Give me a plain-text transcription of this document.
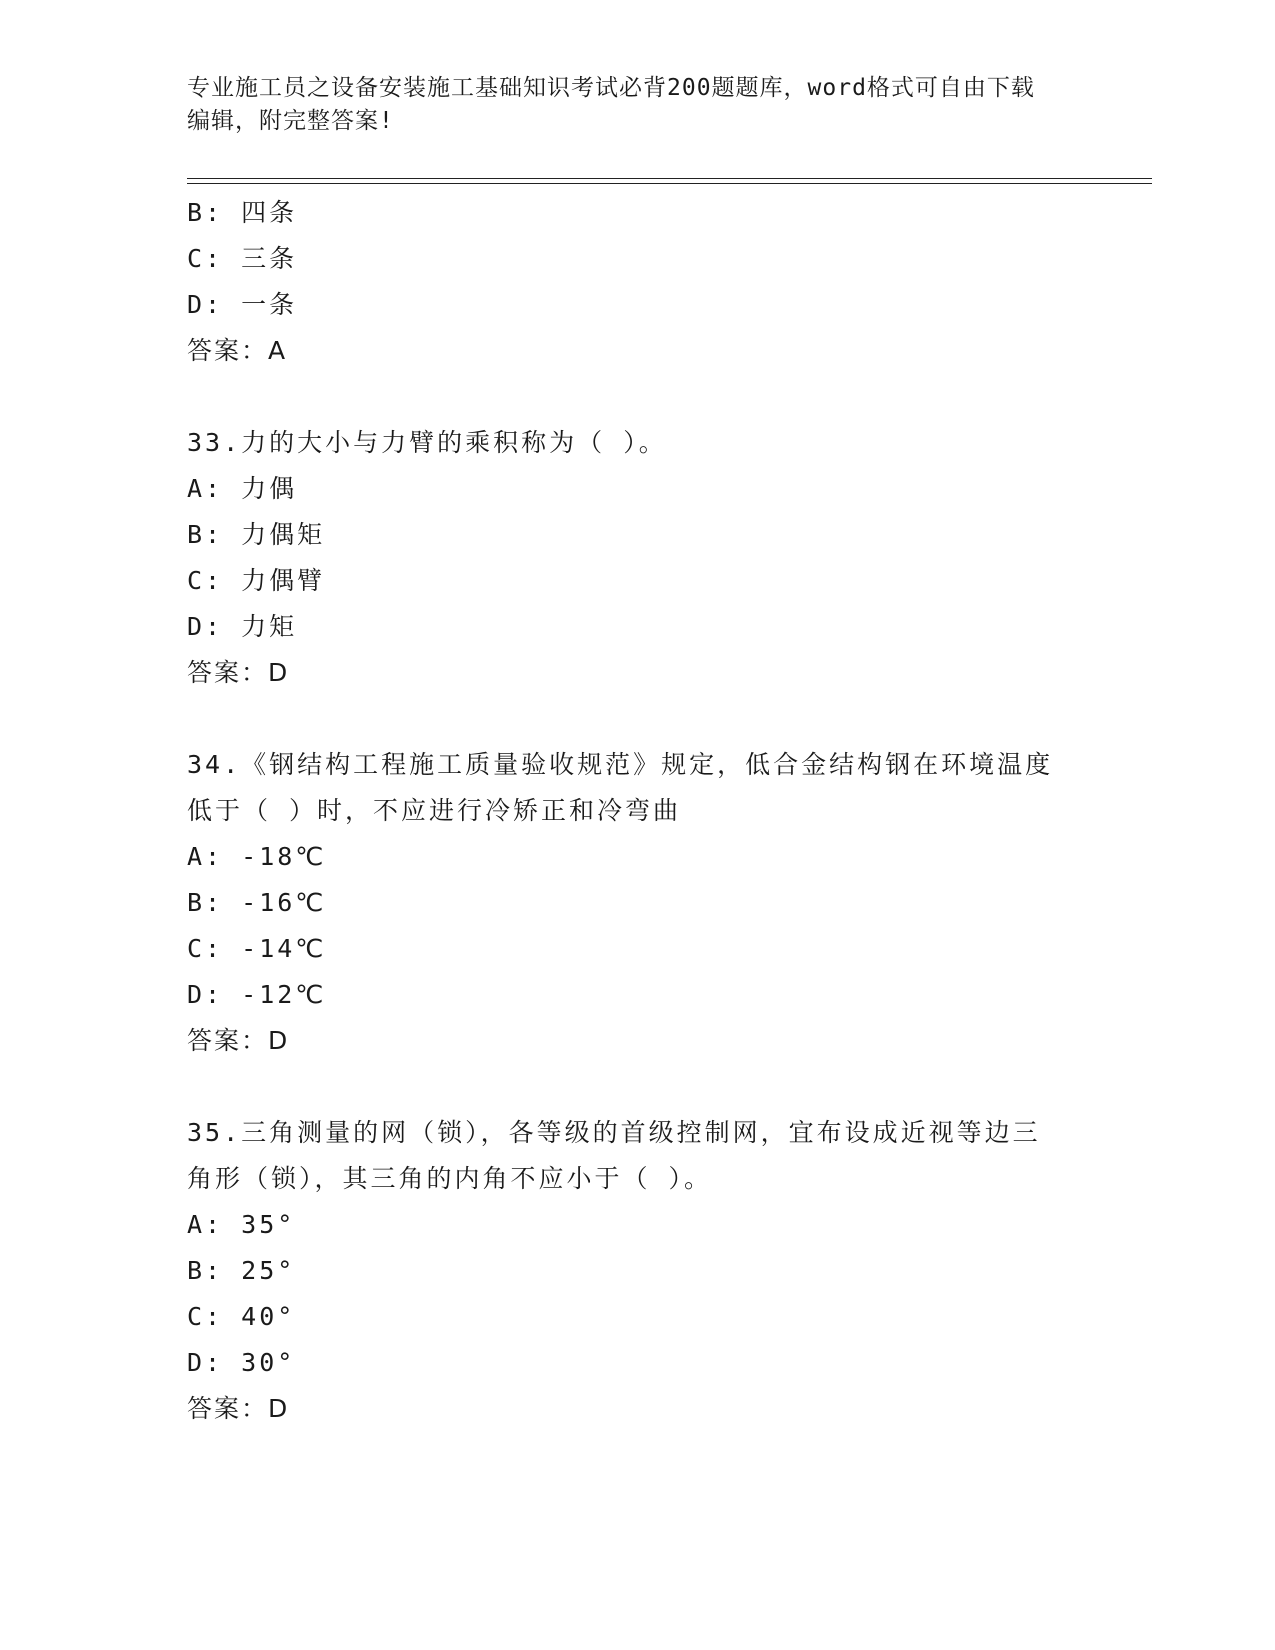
专业施工员之设备安装施工基础知识考试必背200题题库，word格式可自由下载
编辑，附完整答案!
B: 四条
C: 三条
D: 一条
答案：A
33.力的大小与力臂的乘积称为（ ）。
A: 力偶
B: 力偶矩
C: 力偶臂
D: 力矩
答案：D
34.《钢结构工程施工质量验收规范》规定，低合金结构钢在环境温度
低于（ ）时，不应进行冷矫正和冷弯曲
A: -18℃
B: -16℃
C: -14℃
D: -12℃
答案：D
35.三角测量的网（锁），各等级的首级控制网，宜布设成近视等边三
角形（锁），其三角的内角不应小于（ ）。
A: 35°
B: 25°
C: 40°
D: 30°
答案：D
